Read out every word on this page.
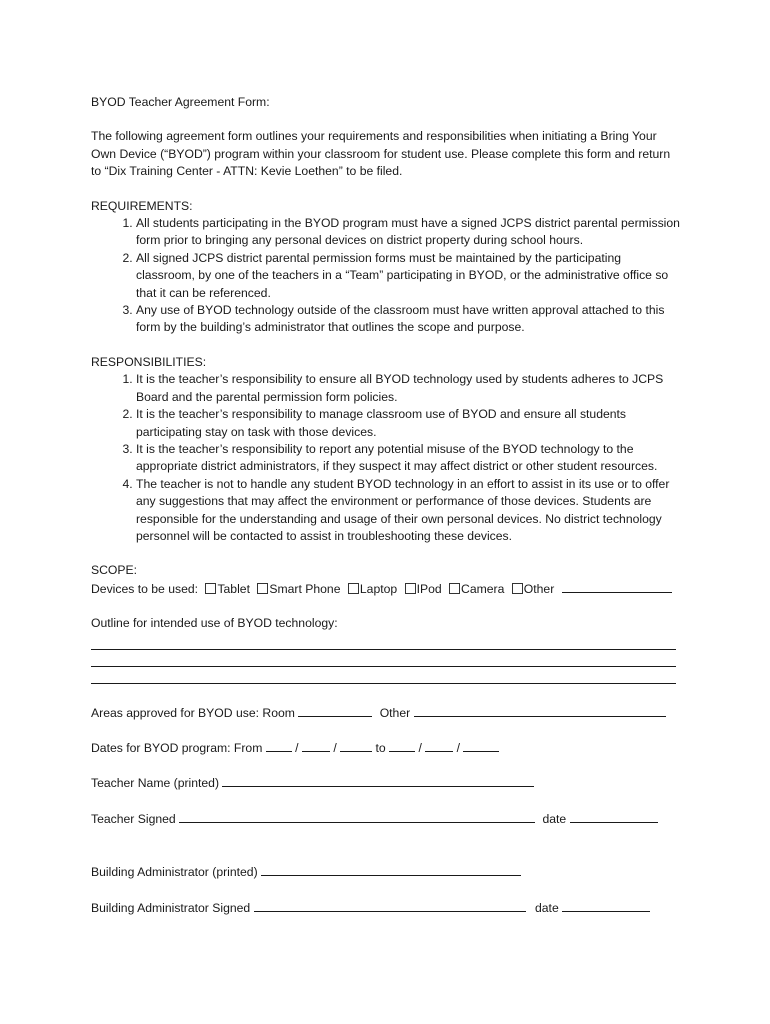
BYOD Teacher Agreement Form:

The following agreement form outlines your requirements and responsibilities when initiating a Bring Your Own Device (“BYOD”) program within your classroom for student use. Please complete this form and return to “Dix Training Center - ATTN: Kevie Loethen” to be filed.

REQUIREMENTS:

1. All students participating in the BYOD program must have a signed JCPS district parental permission form prior to bringing any personal devices on district property during school hours.
2. All signed JCPS district parental permission forms must be maintained by the participating classroom, by one of the teachers in a “Team” participating in BYOD, or the administrative office so that it can be referenced.
3. Any use of BYOD technology outside of the classroom must have written approval attached to this form by the building’s administrator that outlines the scope and purpose.

RESPONSIBILITIES:

1. It is the teacher’s responsibility to ensure all BYOD technology used by students adheres to JCPS Board and the parental permission form policies.
2. It is the teacher’s responsibility to manage classroom use of BYOD and ensure all students participating stay on task with those devices.
3. It is the teacher’s responsibility to report any potential misuse of the BYOD technology to the appropriate district administrators, if they suspect it may affect district or other student resources.
4. The teacher is not to handle any student BYOD technology in an effort to assist in its use or to offer any suggestions that may affect the environment or performance of those devices. Students are responsible for the understanding and usage of their own personal devices. No district technology personnel will be contacted to assist in troubleshooting these devices.

SCOPE:

Devices to be used: Tablet Smart Phone Laptop IPod Camera Other

Outline for intended use of BYOD technology:

Areas approved for BYOD use: Room	Other

Dates for BYOD program: From	/	/	to	/	/

Teacher Name (printed)

Teacher Signed	date

Building Administrator (printed)

Building Administrator Signed	date
